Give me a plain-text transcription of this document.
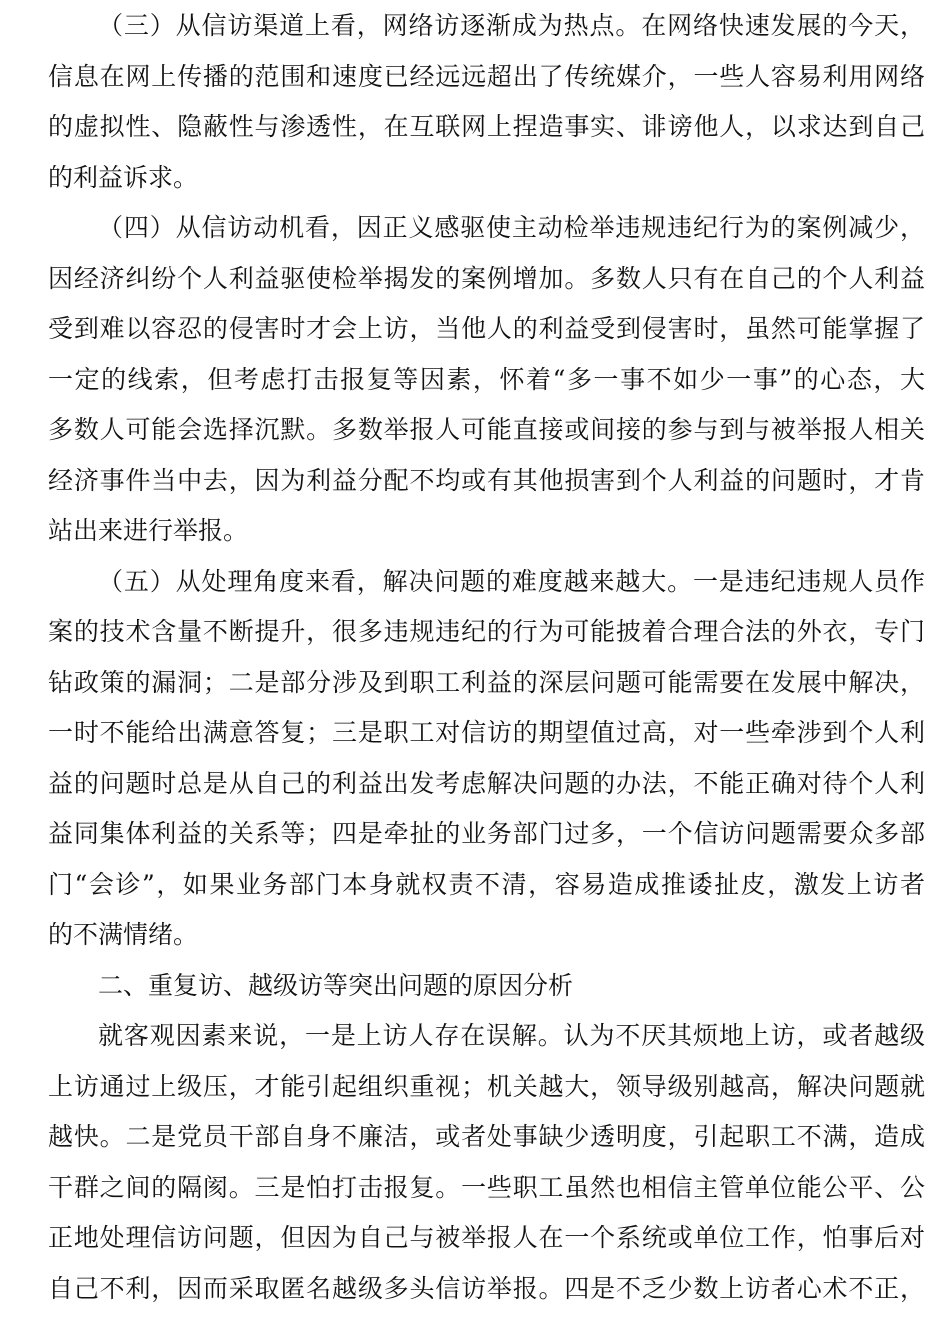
（三）从信访渠道上看，网络访逐渐成为热点。在网络快速发展的今天，
信息在网上传播的范围和速度已经远远超出了传统媒介，一些人容易利用网络
的虚拟性、隐蔽性与渗透性，在互联网上捏造事实、诽谤他人，以求达到自己
的利益诉求。
（四）从信访动机看，因正义感驱使主动检举违规违纪行为的案例减少，
因经济纠纷个人利益驱使检举揭发的案例增加。多数人只有在自己的个人利益
受到难以容忍的侵害时才会上访，当他人的利益受到侵害时，虽然可能掌握了
一定的线索，但考虑打击报复等因素，怀着“多一事不如少一事”的心态，大
多数人可能会选择沉默。多数举报人可能直接或间接的参与到与被举报人相关
经济事件当中去，因为利益分配不均或有其他损害到个人利益的问题时，才肯
站出来进行举报。
（五）从处理角度来看，解决问题的难度越来越大。一是违纪违规人员作
案的技术含量不断提升，很多违规违纪的行为可能披着合理合法的外衣，专门
钻政策的漏洞；二是部分涉及到职工利益的深层问题可能需要在发展中解决，
一时不能给出满意答复；三是职工对信访的期望值过高，对一些牵涉到个人利
益的问题时总是从自己的利益出发考虑解决问题的办法，不能正确对待个人利
益同集体利益的关系等；四是牵扯的业务部门过多，一个信访问题需要众多部
门“会诊”，如果业务部门本身就权责不清，容易造成推诿扯皮，激发上访者
的不满情绪。
二、重复访、越级访等突出问题的原因分析
就客观因素来说，一是上访人存在误解。认为不厌其烦地上访，或者越级
上访通过上级压，才能引起组织重视；机关越大，领导级别越高，解决问题就
越快。二是党员干部自身不廉洁，或者处事缺少透明度，引起职工不满，造成
干群之间的隔阂。三是怕打击报复。一些职工虽然也相信主管单位能公平、公
正地处理信访问题，但因为自己与被举报人在一个系统或单位工作，怕事后对
自己不利，因而采取匿名越级多头信访举报。四是不乏少数上访者心术不正，
